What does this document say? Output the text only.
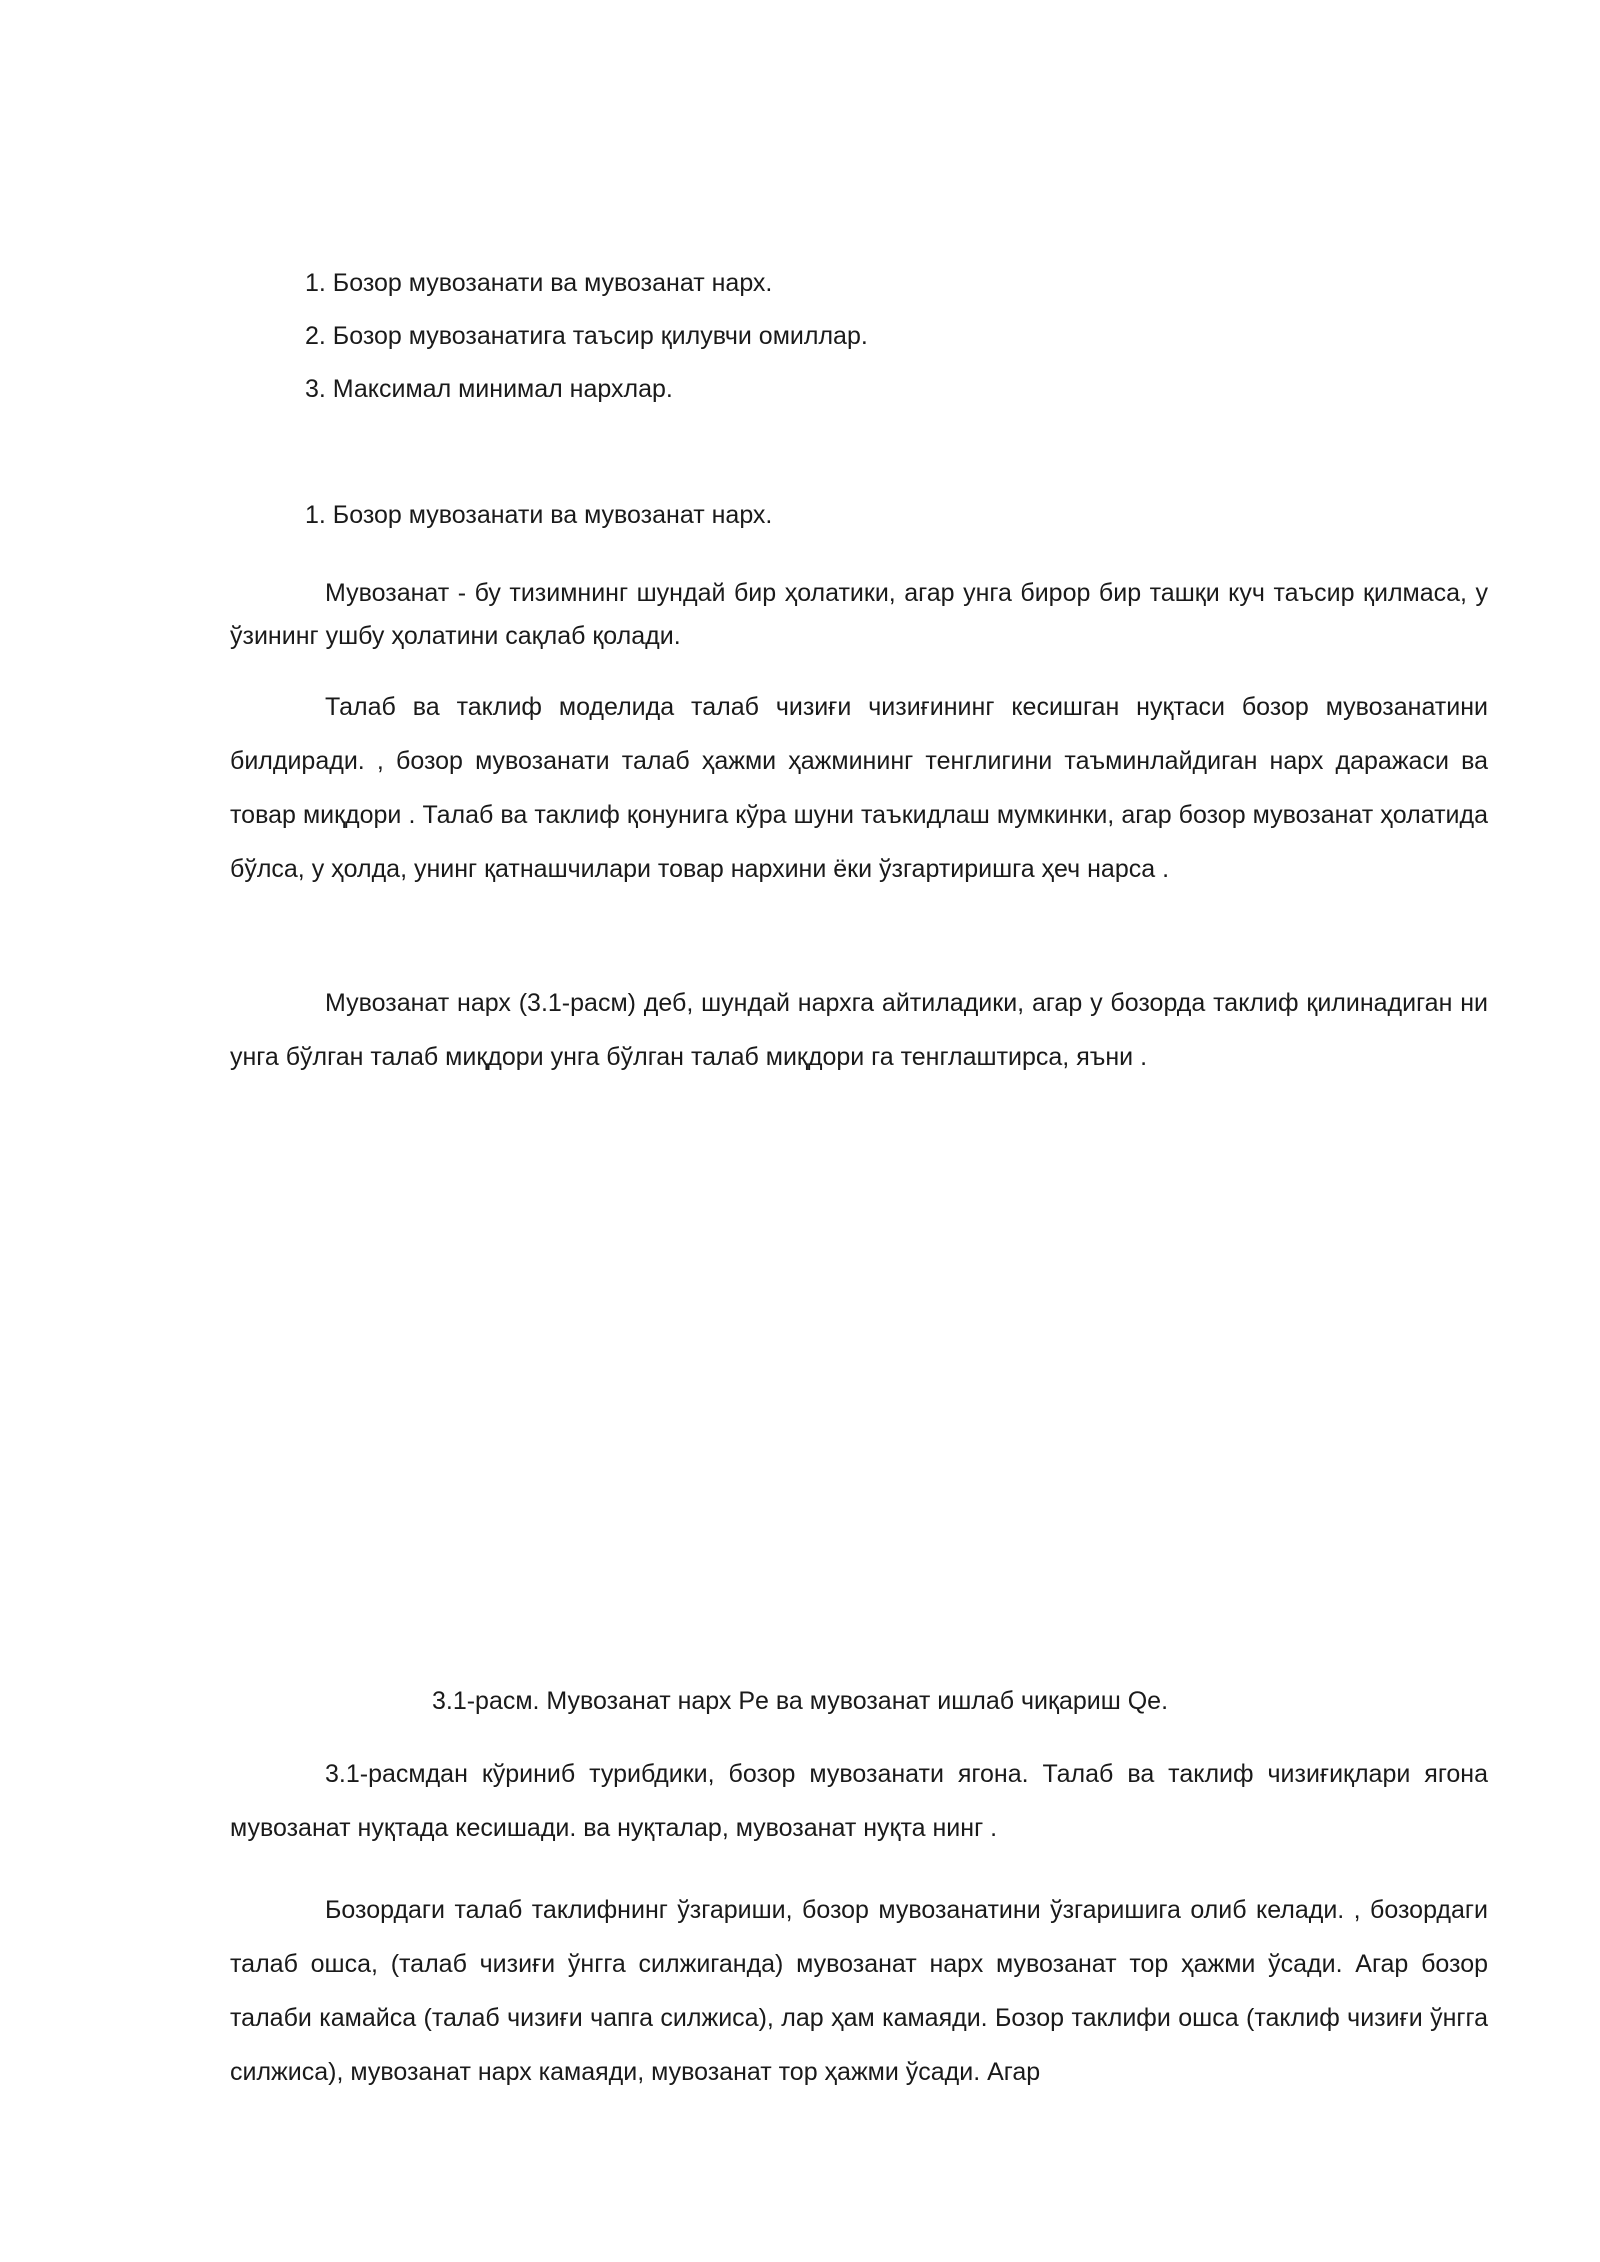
1. Бозор мувозанати ва мувозанат нарх.
2. Бозор мувозанатига таъсир қилувчи омиллар.
3. Максимал минимал нархлар.

1. Бозор мувозанати ва мувозанат нарх.

Мувозанат - бу тизимнинг шундай бир ҳолатики, агар унга бирор бир ташқи куч таъсир қилмаса, у ўзининг ушбу ҳолатини сақлаб қолади.

Талаб ва таклиф моделида талаб чизиғи чизиғининг кесишган нуқтаси бозор мувозанатини билдиради. , бозор мувозанати талаб ҳажми ҳажмининг тенглигини таъминлайдиган нарх даражаси ва товар миқдори . Талаб ва таклиф қонунига кўра шуни таъкидлаш мумкинки, агар бозор мувозанат ҳолатида бўлса, у ҳолда, унинг қатнашчилари товар нархини ёки ўзгартиришга ҳеч нарса .

Мувозанат нарх (3.1-расм) деб, шундай нархга айтиладики, агар у бозорда таклиф қилинадиган ни унга бўлган талаб миқдори унга бўлган талаб миқдори га тенглаштирса, яъни .

3.1-расм. Мувозанат нарх Pe ва мувозанат ишлаб чиқариш Qe.

3.1-расмдан кўриниб турибдики, бозор мувозанати ягона. Талаб ва таклиф чизиғиқлари ягона мувозанат нуқтада кесишади. ва нуқталар, мувозанат нуқта нинг .

Бозордаги талаб таклифнинг ўзгариши, бозор мувозанатини ўзгаришига олиб келади. , бозордаги талаб ошса, (талаб чизиғи ўнгга силжиганда) мувозанат нарх мувозанат тор ҳажми ўсади. Агар бозор талаби камайса (талаб чизиғи чапга силжиса), лар ҳам камаяди. Бозор таклифи ошса (таклиф чизиғи ўнгга силжиса), мувозанат нарх камаяди, мувозанат тор ҳажми ўсади. Агар
